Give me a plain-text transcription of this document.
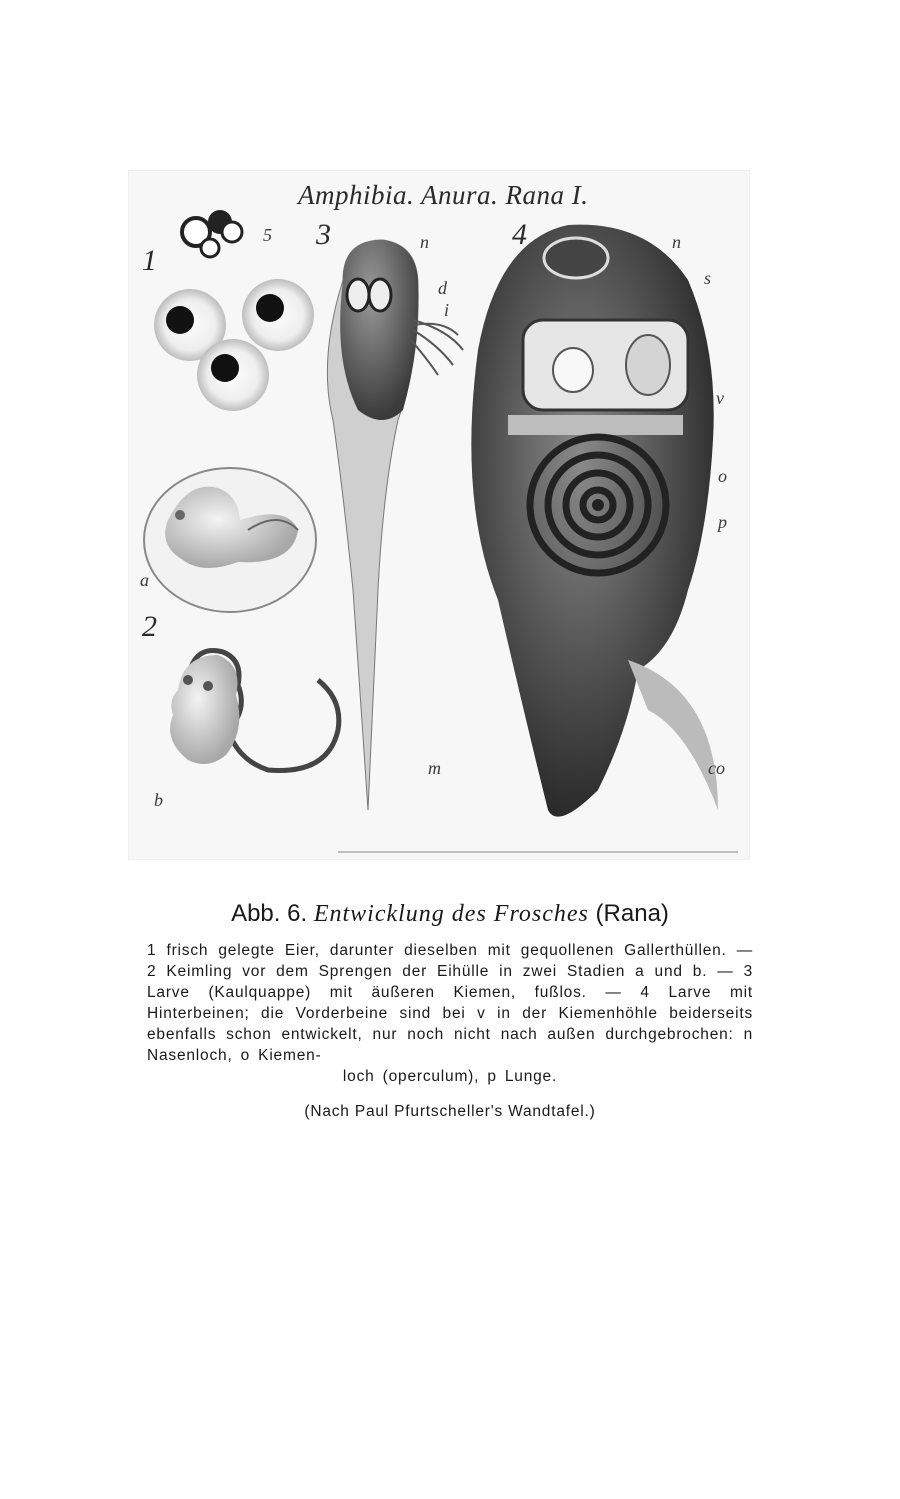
Amphibia. Anura. Rana I.
1
2
3	4
5	n
d
i
n
s
v
o
p
a
b
m	co
Abb. 6. Entwicklung des Frosches (Rana)

1 frisch gelegte Eier, darunter dieselben mit gequollenen Gallerthüllen. — 2 Keimling vor dem Sprengen der Eihülle in zwei Stadien a und b. — 3 Larve (Kaulquappe) mit äußeren Kiemen, fußlos. — 4 Larve mit Hinterbeinen; die Vorderbeine sind bei v in der Kiemenhöhle beiderseits ebenfalls schon entwickelt, nur noch nicht nach außen durchgebrochen: n Nasenloch, o Kiemen-
loch (operculum), p Lunge.

(Nach Paul Pfurtscheller's Wandtafel.)
